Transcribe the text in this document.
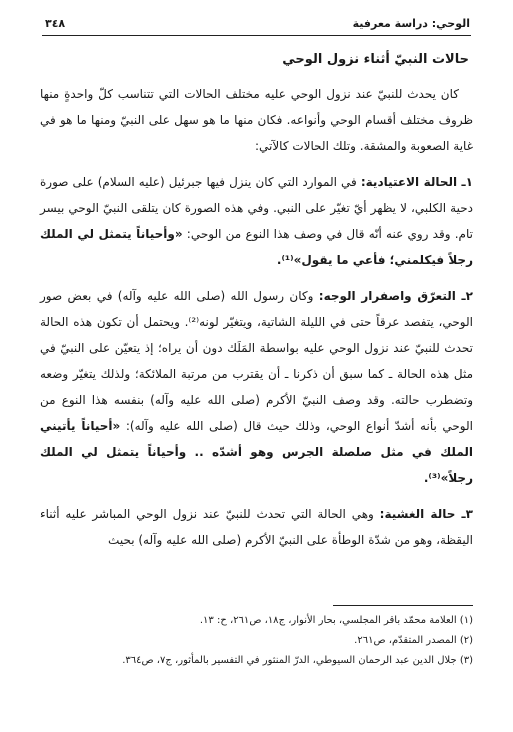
الوحي: دراسة معرفية
٣٤٨
حالات النبيّ أثناء نزول الوحي

كان يحدث للنبيّ عند نزول الوحي عليه مختلف الحالات التي تتناسب كلّ واحدةٍ منها ظروف مختلف أقسام الوحي وأنواعه. فكان منها ما هو سهل على النبيّ ومنها ما هو في غاية الصعوبة والمشقة. وتلك الحالات كالآتي:

١ـ الحالة الاعتيادية: في الموارد التي كان ينزل فيها جبرئيل (عليه السلام) على صورة دحية الكلبي، لا يظهر أيّ تغيّر على النبي. وفي هذه الصورة كان يتلقى النبيّ الوحي بيسر تام. وقد روي عنه أنّه قال في وصف هذا النوع من الوحي: «وأحياناً يتمثل لي الملك رجلاً فيكلمني؛ فأعي ما يقول»⁽¹⁾.

٢ـ التعرّق واصفرار الوجه: وكان رسول الله (صلى الله عليه وآله) في بعض صور الوحي، يتفصد عرقاً حتى في الليلة الشاتية، ويتغيّر لونه⁽²⁾. ويحتمل أن تكون هذه الحالة تحدث للنبيّ عند نزول الوحي عليه بواسطة المَلَك دون أن يراه؛ إذ يتعيّن على النبيّ في مثل هذه الحالة ـ كما سبق أن ذكرنا ـ أن يقترب من مرتبة الملائكة؛ ولذلك يتغيّر وضعه وتضطرب حالته. وقد وصف النبيّ الأكرم (صلى الله عليه وآله) بنفسه هذا النوع من الوحي بأنه أشدّ أنواع الوحي، وذلك حيث قال (صلى الله عليه وآله): «أحياناً يأتيني الملك في مثل صلصلة الجرس وهو أشدّه .. وأحياناً يتمثل لي الملك رجلاً»⁽³⁾.

٣ـ حالة الغشية: وهي الحالة التي تحدث للنبيّ عند نزول الوحي المباشر عليه أثناء اليقظة، وهو من شدّة الوطأة على النبيّ الأكرم (صلى الله عليه وآله) بحيث

(١) العلامة محمّد باقر المجلسي، بحار الأنوار، ج١٨، ص٢٦١، ح: ١٣.

(٢) المصدر المتقدّم، ص٢٦١.

(٣) جلال الدين عبد الرحمان السيوطي، الدرّ المنثور في التفسير بالمأثور، ج٧، ص٣٦٤.
